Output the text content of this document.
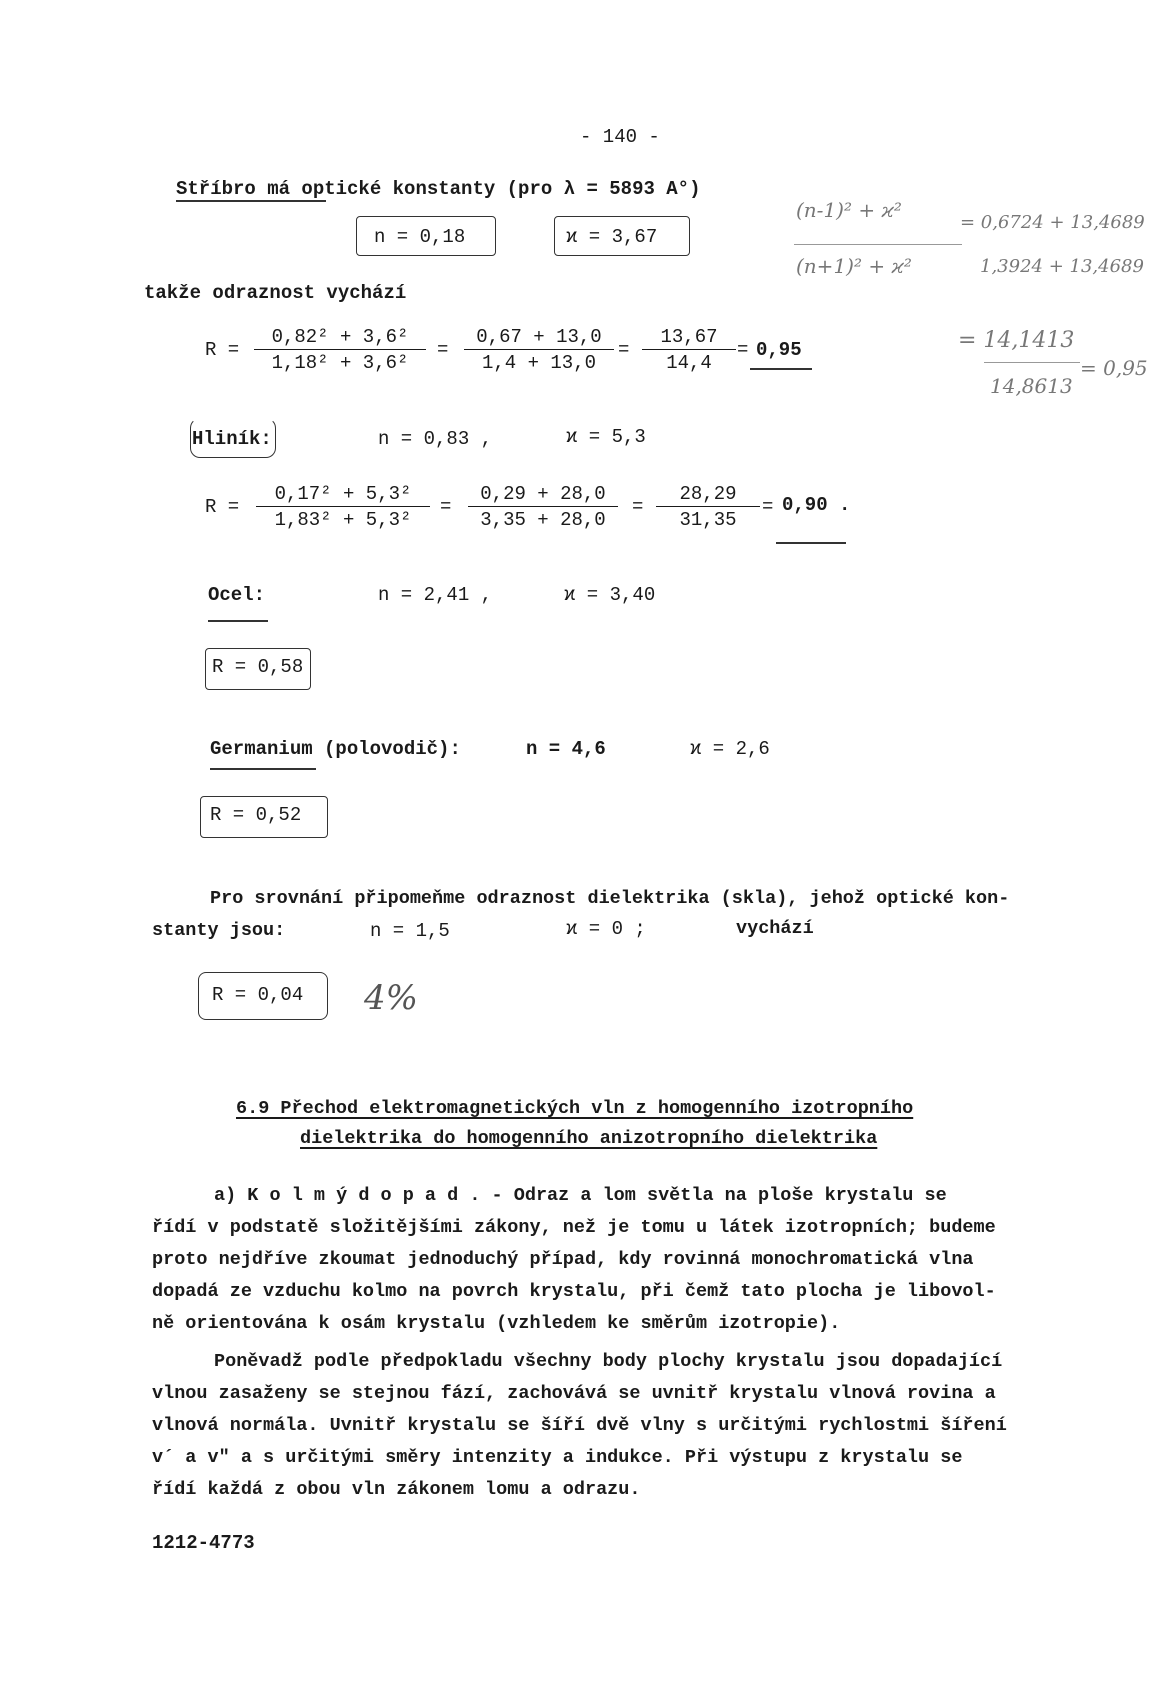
- 140 -
Stříbro má optické konstanty (pro λ = 5893 A°)
n = 0,18	ϰ = 3,67
takže odraznost vychází
$R = \frac{\text{0,82² + 3,6²}}{\text{1,18² + 3,6²}} = \frac{0,67 + 13,0}{1,4 + 13,0} = \frac{13,67}{14,4} = 0,95$
(n-1)² + ϰ²
(n+1)² + ϰ²
= 0,6724 + 13,4689
1,3924 + 13,4689
= 14,1413
14,8613
= 0,95
Hliník:	n = 0,83 ,	ϰ = 5,3
$R = \frac{\text{0,17² + 5,3²}}{\text{1,83² + 5,3²}} = \frac{0,29 + 28,0}{3,35 + 28,0} = \frac{28,29}{31,35} = 0,90$ .
Ocel:	n = 2,41 ,	ϰ = 3,40
R = 0,58
Germanium (polovodič):	n = 4,6	ϰ = 2,6
R = 0,52
Pro srovnání připomeňme odraznost dielektrika (skla), jehož optické kon-
stanty jsou:	n = 1,5	ϰ = 0 ;	vychází
R = 0,04 4%
6.9 Přechod elektromagnetických vln z homogenního izotropního
dielektrika do homogenního anizotropního dielektrika
a) K o l m ý d o p a d . - Odraz a lom světla na ploše krystalu se
řídí v podstatě složitějšími zákony, než je tomu u látek izotropních; budeme
proto nejdříve zkoumat jednoduchý případ, kdy rovinná monochromatická vlna
dopadá ze vzduchu kolmo na povrch krystalu, při čemž tato plocha je libovol-
ně orientována k osám krystalu (vzhledem ke směrům izotropie).
Poněvadž podle předpokladu všechny body plochy krystalu jsou dopadající
vlnou zasaženy se stejnou fází, zachovává se uvnitř krystalu vlnová rovina a
vlnová normála. Uvnitř krystalu se šíří dvě vlny s určitými rychlostmi šíření
v´ a v" a s určitými směry intenzity a indukce. Při výstupu z krystalu se
řídí každá z obou vln zákonem lomu a odrazu.
1212-4773
